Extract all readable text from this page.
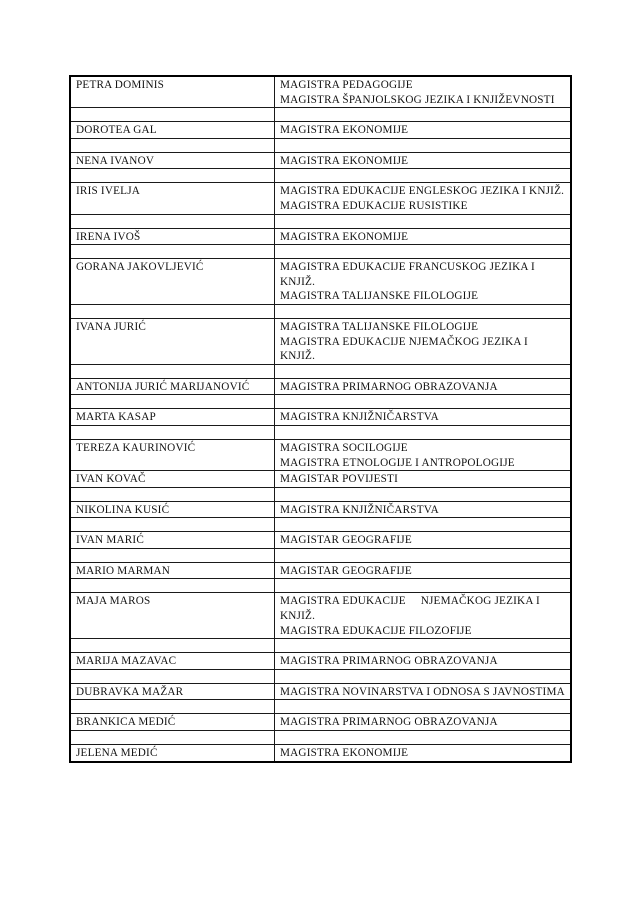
PETRA DOMINIS	MAGISTRA PEDAGOGIJE
MAGISTRA ŠPANJOLSKOG JEZIKA I KNJIŽEVNOSTI

DOROTEA GAL	MAGISTRA EKONOMIJE

NENA IVANOV	MAGISTRA EKONOMIJE

IRIS IVELJA	MAGISTRA EDUKACIJE ENGLESKOG JEZIKA I KNJIŽ.
MAGISTRA EDUKACIJE RUSISTIKE

IRENA IVOŠ	MAGISTRA EKONOMIJE

GORANA JAKOVLJEVIĆ	MAGISTRA EDUKACIJE FRANCUSKOG JEZIKA I KNJIŽ.
MAGISTRA TALIJANSKE FILOLOGIJE

IVANA JURIĆ	MAGISTRA TALIJANSKE FILOLOGIJE
MAGISTRA EDUKACIJE NJEMAČKOG JEZIKA I KNJIŽ.

ANTONIJA JURIĆ MARIJANOVIĆ	MAGISTRA PRIMARNOG OBRAZOVANJA

MARTA KASAP	MAGISTRA KNJIŽNIČARSTVA

TEREZA KAURINOVIĆ	MAGISTRA SOCILOGIJE
MAGISTRA ETNOLOGIJE I ANTROPOLOGIJE

IVAN KOVAČ	MAGISTAR POVIJESTI

NIKOLINA KUSIĆ	MAGISTRA KNJIŽNIČARSTVA

IVAN MARIĆ	MAGISTAR GEOGRAFIJE

MARIO MARMAN	MAGISTAR GEOGRAFIJE

MAJA MAROS	MAGISTRA EDUKACIJE     NJEMAČKOG JEZIKA I KNJIŽ.
MAGISTRA EDUKACIJE FILOZOFIJE

MARIJA MAZAVAC	MAGISTRA PRIMARNOG OBRAZOVANJA

DUBRAVKA MAŽAR	MAGISTRA NOVINARSTVA I ODNOSA S JAVNOSTIMA

BRANKICA MEDIĆ	MAGISTRA PRIMARNOG OBRAZOVANJA

JELENA MEDIĆ	MAGISTRA EKONOMIJE
